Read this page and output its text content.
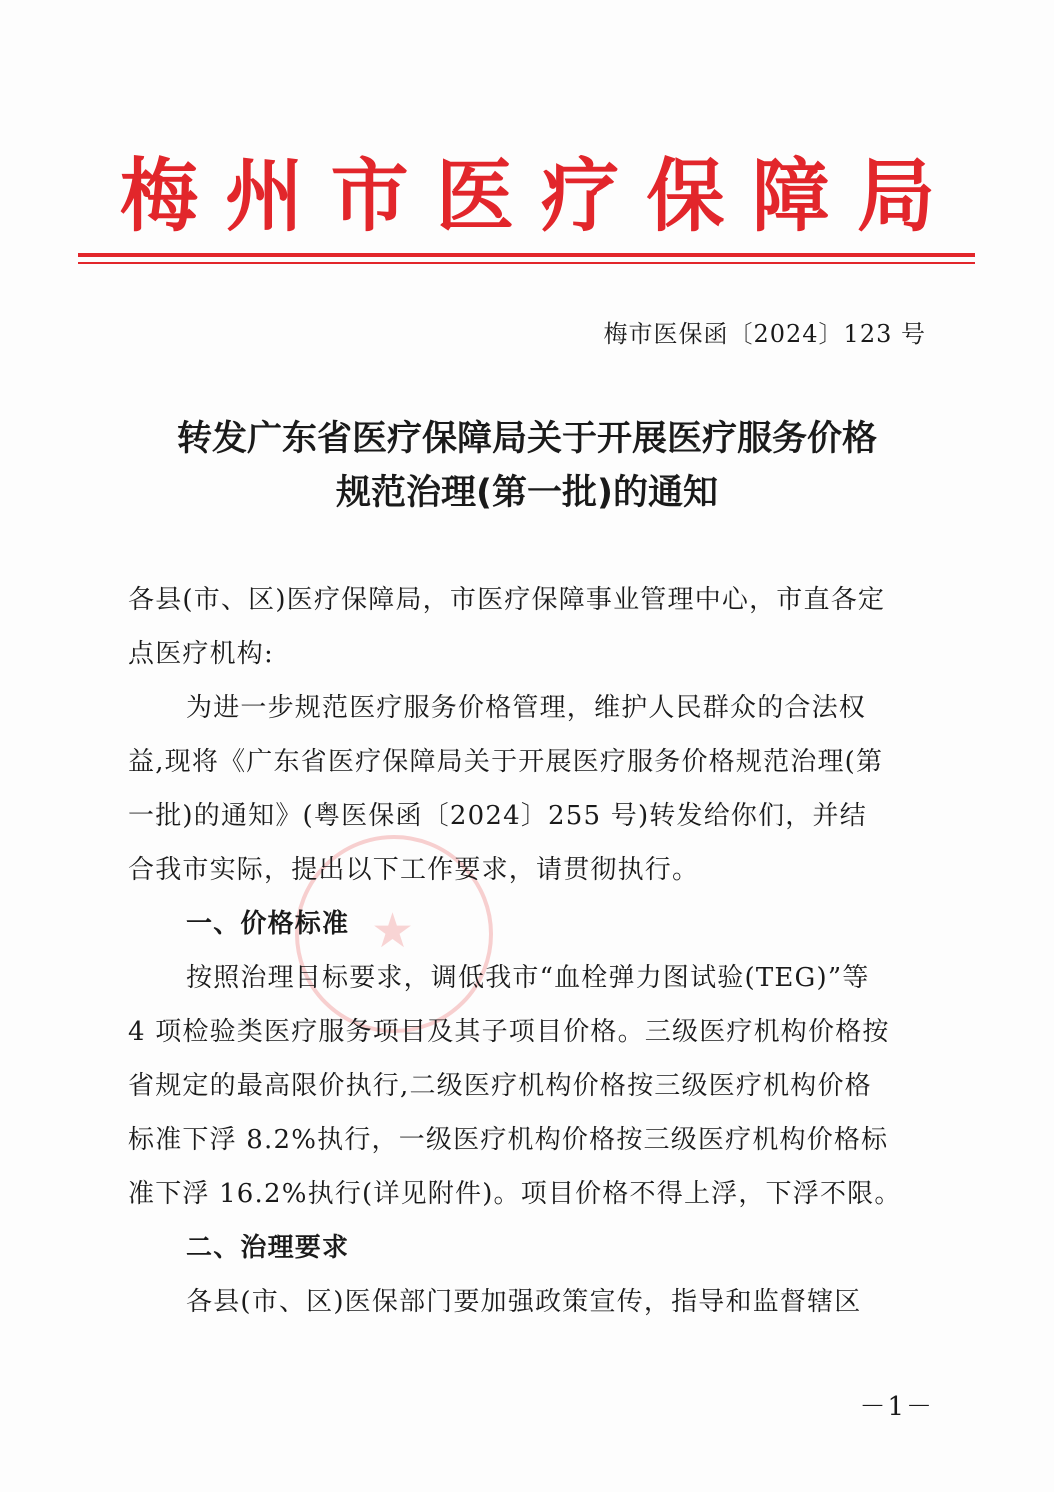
梅 州 市 医 疗 保 障 局
梅市医保函〔2024〕123 号
转发广东省医疗保障局关于开展医疗服务价格
规范治理(第一批)的通知
★
各县(市、区)医疗保障局，市医疗保障事业管理中心，市直各定
点医疗机构:
为进一步规范医疗服务价格管理，维护人民群众的合法权
益,现将《广东省医疗保障局关于开展医疗服务价格规范治理(第
一批)的通知》(粤医保函〔2024〕255 号)转发给你们，并结
合我市实际，提出以下工作要求，请贯彻执行。
一、价格标准
按照治理目标要求，调低我市“血栓弹力图试验(TEG)”等
4 项检验类医疗服务项目及其子项目价格。三级医疗机构价格按
省规定的最高限价执行,二级医疗机构价格按三级医疗机构价格
标准下浮 8.2%执行，一级医疗机构价格按三级医疗机构价格标
准下浮 16.2%执行(详见附件)。项目价格不得上浮，下浮不限。
二、治理要求
各县(市、区)医保部门要加强政策宣传，指导和监督辖区
－1－
